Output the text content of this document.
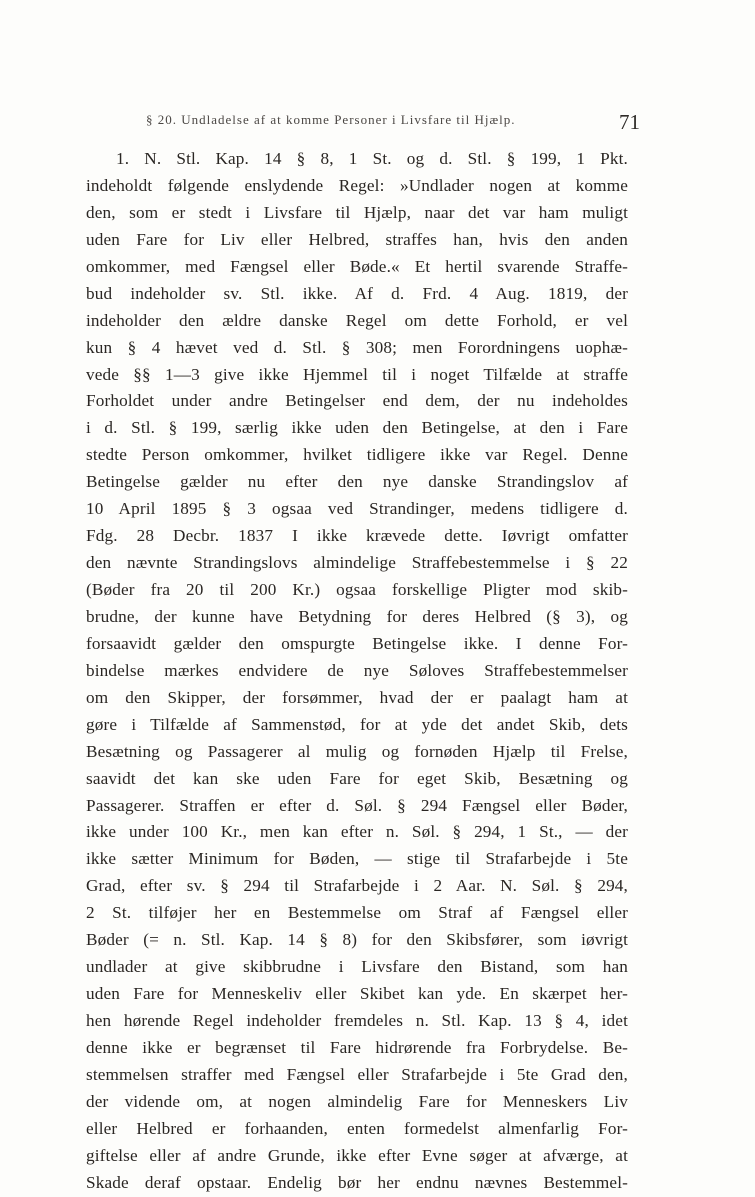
§ 20. Undladelse af at komme Personer i Livsfare til Hjælp.	71
1. N. Stl. Kap. 14 § 8, 1 St. og d. Stl. § 199, 1 Pkt.
indeholdt følgende enslydende Regel: »Undlader nogen at komme
den, som er stedt i Livsfare til Hjælp, naar det var ham muligt
uden Fare for Liv eller Helbred, straffes han, hvis den anden
omkommer, med Fængsel eller Bøde.« Et hertil svarende Straffe-
bud indeholder sv. Stl. ikke. Af d. Frd. 4 Aug. 1819, der
indeholder den ældre danske Regel om dette Forhold, er vel
kun § 4 hævet ved d. Stl. § 308; men Forordningens uophæ-
vede §§ 1—3 give ikke Hjemmel til i noget Tilfælde at straffe
Forholdet under andre Betingelser end dem, der nu indeholdes
i d. Stl. § 199, særlig ikke uden den Betingelse, at den i Fare
stedte Person omkommer, hvilket tidligere ikke var Regel. Denne
Betingelse gælder nu efter den nye danske Strandingslov af
10 April 1895 § 3 ogsaa ved Strandinger, medens tidligere d.
Fdg. 28 Decbr. 1837 I ikke krævede dette. Iøvrigt omfatter
den nævnte Strandingslovs almindelige Straffebestemmelse i § 22
(Bøder fra 20 til 200 Kr.) ogsaa forskellige Pligter mod skib-
brudne, der kunne have Betydning for deres Helbred (§ 3), og
forsaavidt gælder den omspurgte Betingelse ikke. I denne For-
bindelse mærkes endvidere de nye Søloves Straffebestemmelser
om den Skipper, der forsømmer, hvad der er paalagt ham at
gøre i Tilfælde af Sammenstød, for at yde det andet Skib, dets
Besætning og Passagerer al mulig og fornøden Hjælp til Frelse,
saavidt det kan ske uden Fare for eget Skib, Besætning og
Passagerer. Straffen er efter d. Søl. § 294 Fængsel eller Bøder,
ikke under 100 Kr., men kan efter n. Søl. § 294, 1 St., — der
ikke sætter Minimum for Bøden, — stige til Strafarbejde i 5te
Grad, efter sv. § 294 til Strafarbejde i 2 Aar. N. Søl. § 294,
2 St. tilføjer her en Bestemmelse om Straf af Fængsel eller
Bøder (= n. Stl. Kap. 14 § 8) for den Skibsfører, som iøvrigt
undlader at give skibbrudne i Livsfare den Bistand, som han
uden Fare for Menneskeliv eller Skibet kan yde. En skærpet her-
hen hørende Regel indeholder fremdeles n. Stl. Kap. 13 § 4, idet
denne ikke er begrænset til Fare hidrørende fra Forbrydelse. Be-
stemmelsen straffer med Fængsel eller Strafarbejde i 5te Grad den,
der vidende om, at nogen almindelig Fare for Menneskers Liv
eller Helbred er forhaanden, enten formedelst almenfarlig For-
giftelse eller af andre Grunde, ikke efter Evne søger at afværge, at
Skade deraf opstaar. Endelig bør her endnu nævnes Bestemmel-
